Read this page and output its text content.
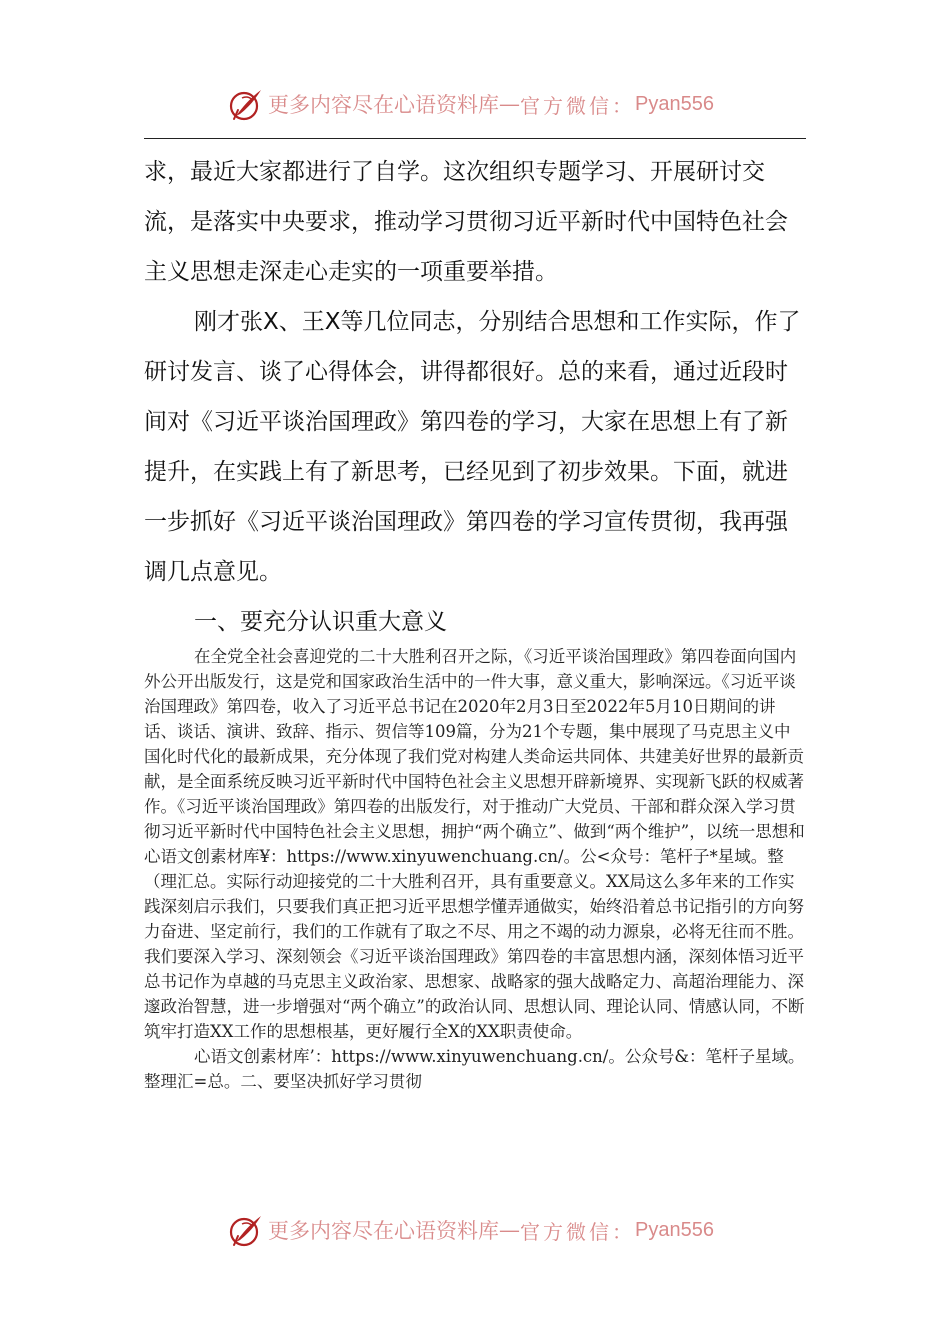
更多内容尽在心语资料库 — 官方微信： Pyan556

求，最近大家都进行了自学。这次组织专题学习、开展研讨交流，是落实中央要求，推动学习贯彻习近平新时代中国特色社会主义思想走深走心走实的一项重要举措。

刚才张X、王X等几位同志，分别结合思想和工作实际，作了研讨发言、谈了心得体会，讲得都很好。总的来看，通过近段时间对《习近平谈治国理政》第四卷的学习，大家在思想上有了新提升，在实践上有了新思考，已经见到了初步效果。下面，就进一步抓好《习近平谈治国理政》第四卷的学习宣传贯彻，我再强调几点意见。

一、要充分认识重大意义

在全党全社会喜迎党的二十大胜利召开之际，《习近平谈治国理政》第四卷面向国内外公开出版发行，这是党和国家政治生活中的一件大事，意义重大，影响深远。《习近平谈治国理政》第四卷，收入了习近平总书记在2020年2月3日至2022年5月10日期间的讲话、谈话、演讲、致辞、指示、贺信等109篇，分为21个专题，集中展现了马克思主义中国化时代化的最新成果，充分体现了我们党对构建人类命运共同体、共建美好世界的最新贡献，是全面系统反映习近平新时代中国特色社会主义思想开辟新境界、实现新飞跃的权威著作。《习近平谈治国理政》第四卷的出版发行，对于推动广大党员、干部和群众深入学习贯彻习近平新时代中国特色社会主义思想，拥护“两个确立”、做到“两个维护”，以统一思想和心语文创素材库¥：https://www.xinyuwenchuang.cn/。公<众号：笔杆子*星域。整（理汇总。实际行动迎接党的二十大胜利召开，具有重要意义。XX局这么多年来的工作实践深刻启示我们，只要我们真正把习近平思想学懂弄通做实，始终沿着总书记指引的方向努力奋进、坚定前行，我们的工作就有了取之不尽、用之不竭的动力源泉，必将无往而不胜。我们要深入学习、深刻领会《习近平谈治国理政》第四卷的丰富思想内涵，深刻体悟习近平总书记作为卓越的马克思主义政治家、思想家、战略家的强大战略定力、高超治理能力、深邃政治智慧，进一步增强对“两个确立”的政治认同、思想认同、理论认同、情感认同，不断筑牢打造XX工作的思想根基，更好履行全X的XX职责使命。

心语文创素材库’：https://www.xinyuwenchuang.cn/。公众号&：笔杆子星域。整理汇=总。二、要坚决抓好学习贯彻

更多内容尽在心语资料库 — 官方微信： Pyan556
